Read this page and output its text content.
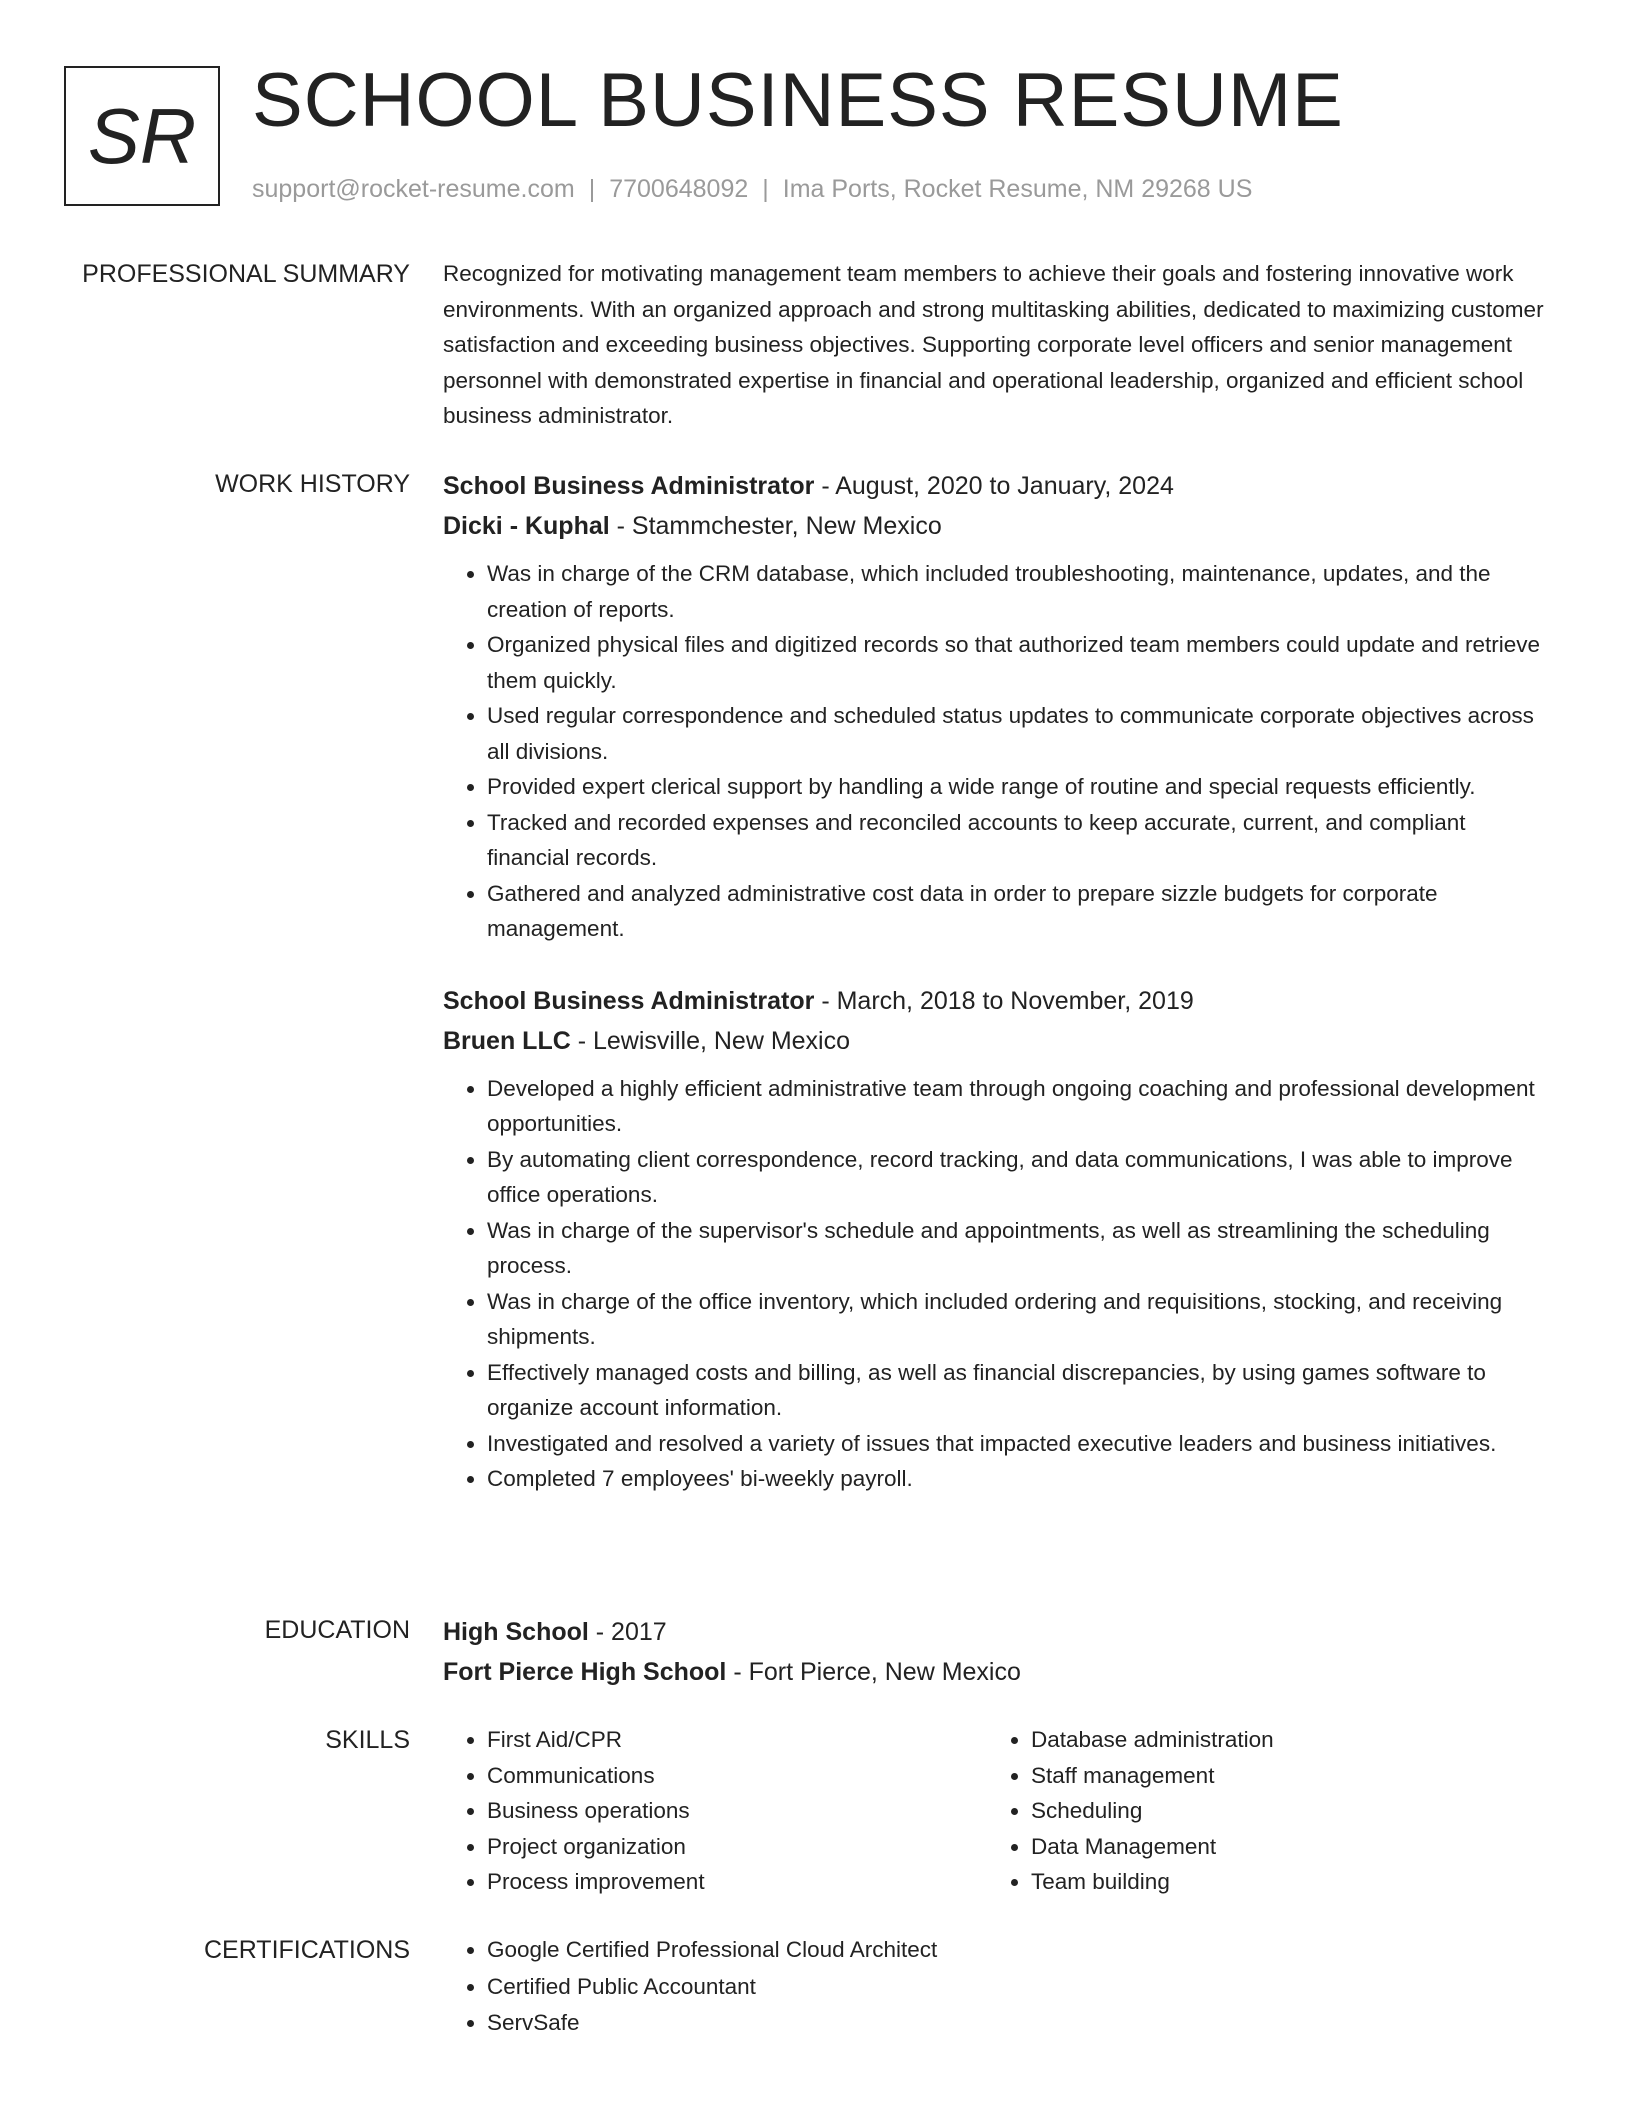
SR SCHOOL BUSINESS RESUME
support@rocket-resume.com | 7700648092 | Ima Ports, Rocket Resume, NM 29268 US
PROFESSIONAL SUMMARY Recognized for motivating management team members to achieve their goals and fostering innovative work environments. With an organized approach and strong multitasking abilities, dedicated to maximizing customer satisfaction and exceeding business objectives. Supporting corporate level officers and senior management personnel with demonstrated expertise in financial and operational leadership, organized and efficient school business administrator.

WORK HISTORY School Business Administrator - August, 2020 to January, 2024
Dicki - Kuphal - Stammchester, New Mexico
• Was in charge of the CRM database, which included troubleshooting, maintenance, updates, and the creation of reports.
• Organized physical files and digitized records so that authorized team members could update and retrieve them quickly.
• Used regular correspondence and scheduled status updates to communicate corporate objectives across all divisions.
• Provided expert clerical support by handling a wide range of routine and special requests efficiently.
• Tracked and recorded expenses and reconciled accounts to keep accurate, current, and compliant financial records.
• Gathered and analyzed administrative cost data in order to prepare sizzle budgets for corporate management.
School Business Administrator - March, 2018 to November, 2019
Bruen LLC - Lewisville, New Mexico
• Developed a highly efficient administrative team through ongoing coaching and professional development opportunities.
• By automating client correspondence, record tracking, and data communications, I was able to improve office operations.
• Was in charge of the supervisor's schedule and appointments, as well as streamlining the scheduling process.
• Was in charge of the office inventory, which included ordering and requisitions, stocking, and receiving shipments.
• Effectively managed costs and billing, as well as financial discrepancies, by using games software to organize account information.
• Investigated and resolved a variety of issues that impacted executive leaders and business initiatives.
• Completed 7 employees' bi-weekly payroll.
EDUCATION High School - 2017
Fort Pierce High School - Fort Pierce, New Mexico
SKILLS	• First Aid/CPR
• Communications
• Business operations
• Project organization
• Process improvement
• Database administration
• Staff management
• Scheduling
• Data Management
• Team building
CERTIFICATIONS	• Google Certified Professional Cloud Architect
• Certified Public Accountant
• ServSafe
